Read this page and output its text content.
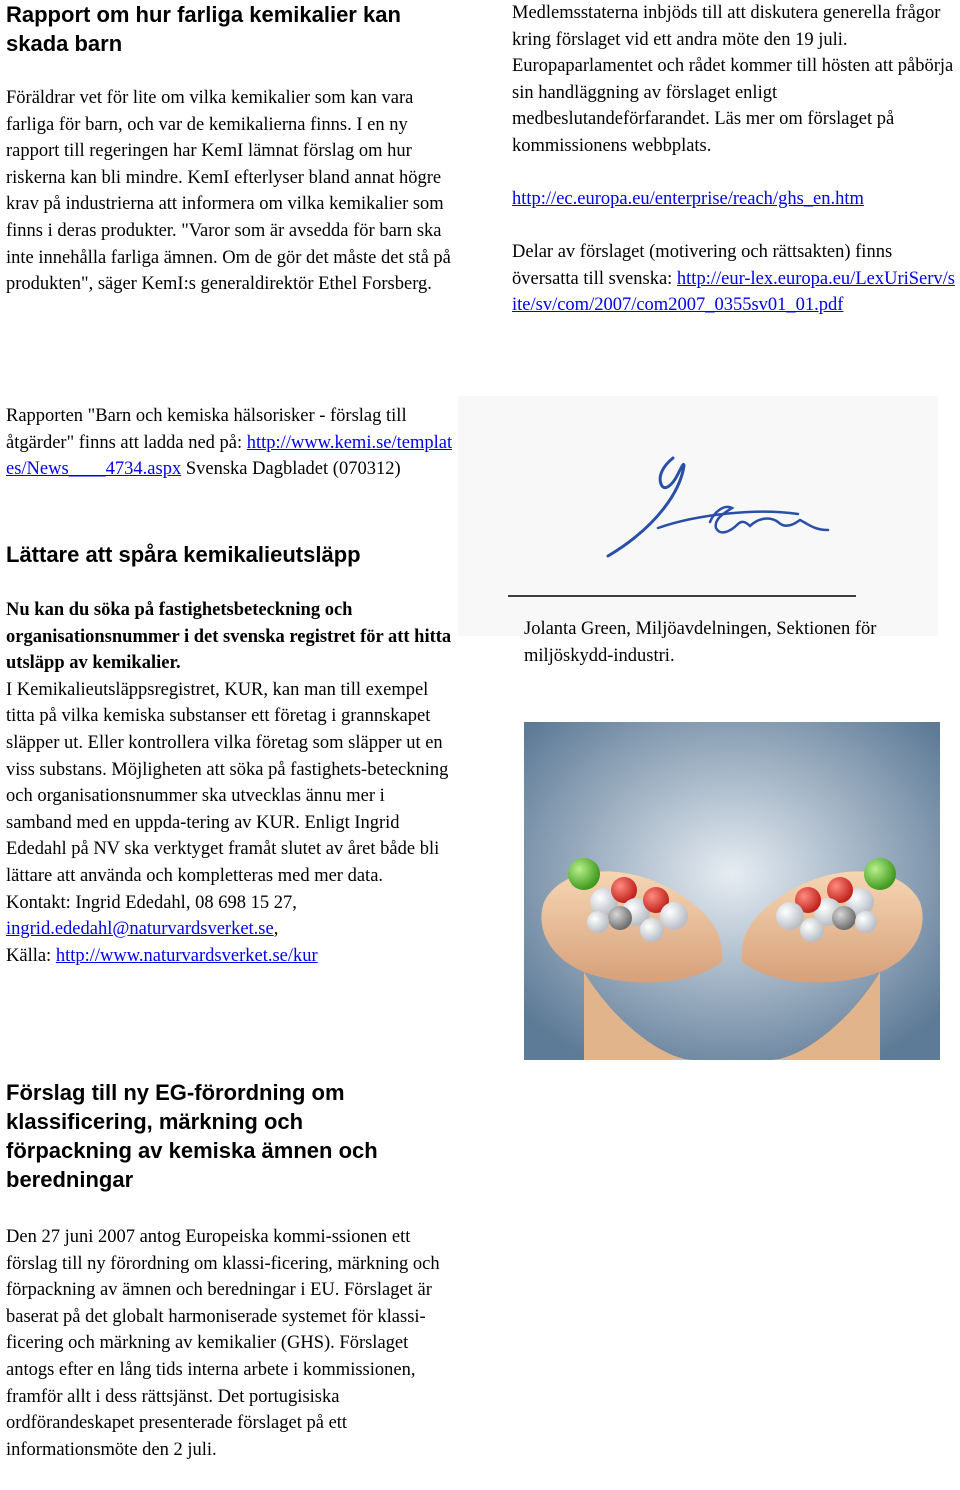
Rapport om hur farliga kemikalier kan skada barn

Föräldrar vet för lite om vilka kemikalier som kan vara farliga för barn, och var de kemikalierna finns. I en ny rapport till regeringen har KemI lämnat förslag om hur riskerna kan bli mindre. KemI efterlyser bland annat högre krav på industrierna att informera om vilka kemikalier som finns i deras produkter. "Varor som är avsedda för barn ska inte innehålla farliga ämnen. Om de gör det måste det stå på produkten", säger KemI:s generaldirektör Ethel Forsberg.

Rapporten "Barn och kemiska hälsorisker - förslag till åtgärder" finns att ladda ned på: http://www.kemi.se/templates/News____4734.aspx Svenska Dagbladet (070312)

Lättare att spåra kemikalieutsläpp

Nu kan du söka på fastighetsbeteckning och organisationsnummer i det svenska registret för att hitta utsläpp av kemikalier.

I Kemikalieutsläppsregistret, KUR, kan man till exempel titta på vilka kemiska substanser ett företag i grannskapet släpper ut. Eller kontrollera vilka företag som släpper ut en viss substans. Möjligheten att söka på fastighets-beteckning och organisationsnummer ska utvecklas ännu mer i samband med en uppda-tering av KUR. Enligt Ingrid Ededahl på NV ska verktyget framåt slutet av året både bli lättare att använda och kompletteras med mer data.

Kontakt: Ingrid Ededahl, 08 698 15 27,
ingrid.ededahl@naturvardsverket.se,
Källa: http://www.naturvardsverket.se/kur

Förslag till ny EG-förordning om klassificering, märkning och förpackning av kemiska ämnen och beredningar

Den 27 juni 2007 antog Europeiska kommi-ssionen ett förslag till ny förordning om klassi-ficering, märkning och förpackning av ämnen och beredningar i EU. Förslaget är baserat på det globalt harmoniserade systemet för klassi-ficering och märkning av kemikalier (GHS). Förslaget antogs efter en lång tids interna arbete i kommissionen, framför allt i dess rättsjänst. Det portugisiska ordförandeskapet presenterade förslaget på ett informationsmöte den 2 juli.

Medlemsstaterna inbjöds till att diskutera generella frågor kring förslaget vid ett andra möte den 19 juli. Europaparlamentet och rådet kommer till hösten att påbörja sin handläggning av förslaget enligt medbeslutandeförfarandet. Läs mer om förslaget på kommissionens webbplats.

http://ec.europa.eu/enterprise/reach/ghs_en.htm

Delar av förslaget (motivering och rättsakten) finns översatta till svenska: http://eur-lex.europa.eu/LexUriServ/site/sv/com/2007/com2007_0355sv01_01.pdf

Jolanta Green, Miljöavdelningen, Sektionen för miljöskydd-industri.
